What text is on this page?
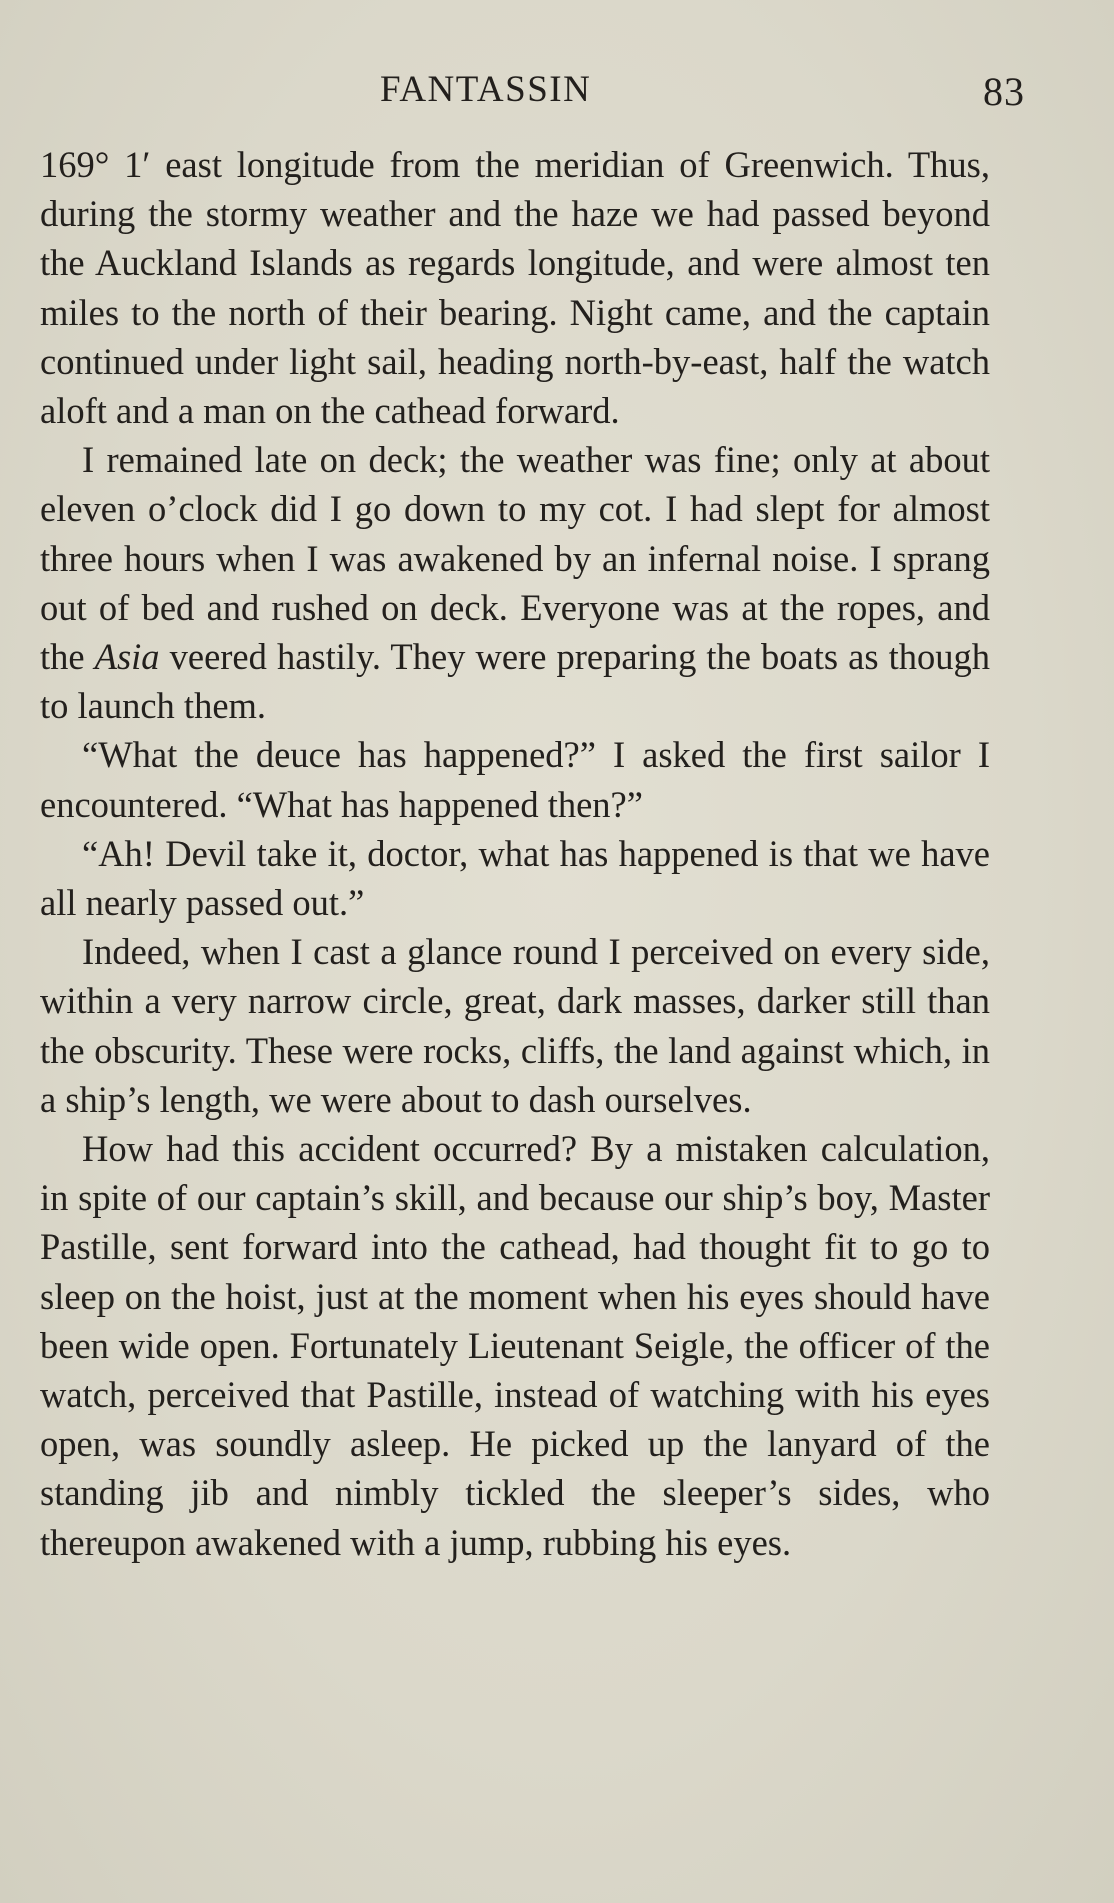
FANTASSIN	83

169° 1′ east longitude from the meridian of Greenwich. Thus, during the stormy weather and the haze we had passed beyond the Auckland Islands as regards longitude, and were almost ten miles to the north of their bearing. Night came, and the captain continued under light sail, heading north-by-east, half the watch aloft and a man on the cathead forward.

I remained late on deck; the weather was fine; only at about eleven o’clock did I go down to my cot. I had slept for almost three hours when I was awakened by an infernal noise. I sprang out of bed and rushed on deck. Everyone was at the ropes, and the Asia veered hastily. They were preparing the boats as though to launch them.

“What the deuce has happened?” I asked the first sailor I encountered. “What has happened then?”

“Ah! Devil take it, doctor, what has happened is that we have all nearly passed out.”

Indeed, when I cast a glance round I perceived on every side, within a very narrow circle, great, dark masses, darker still than the obscurity. These were rocks, cliffs, the land against which, in a ship’s length, we were about to dash ourselves.

How had this accident occurred? By a mistaken calculation, in spite of our captain’s skill, and because our ship’s boy, Master Pastille, sent forward into the cathead, had thought fit to go to sleep on the hoist, just at the moment when his eyes should have been wide open. Fortunately Lieutenant Seigle, the officer of the watch, perceived that Pastille, instead of watching with his eyes open, was soundly asleep. He picked up the lanyard of the standing jib and nimbly tickled the sleeper’s sides, who thereupon awakened with a jump, rubbing his eyes.
